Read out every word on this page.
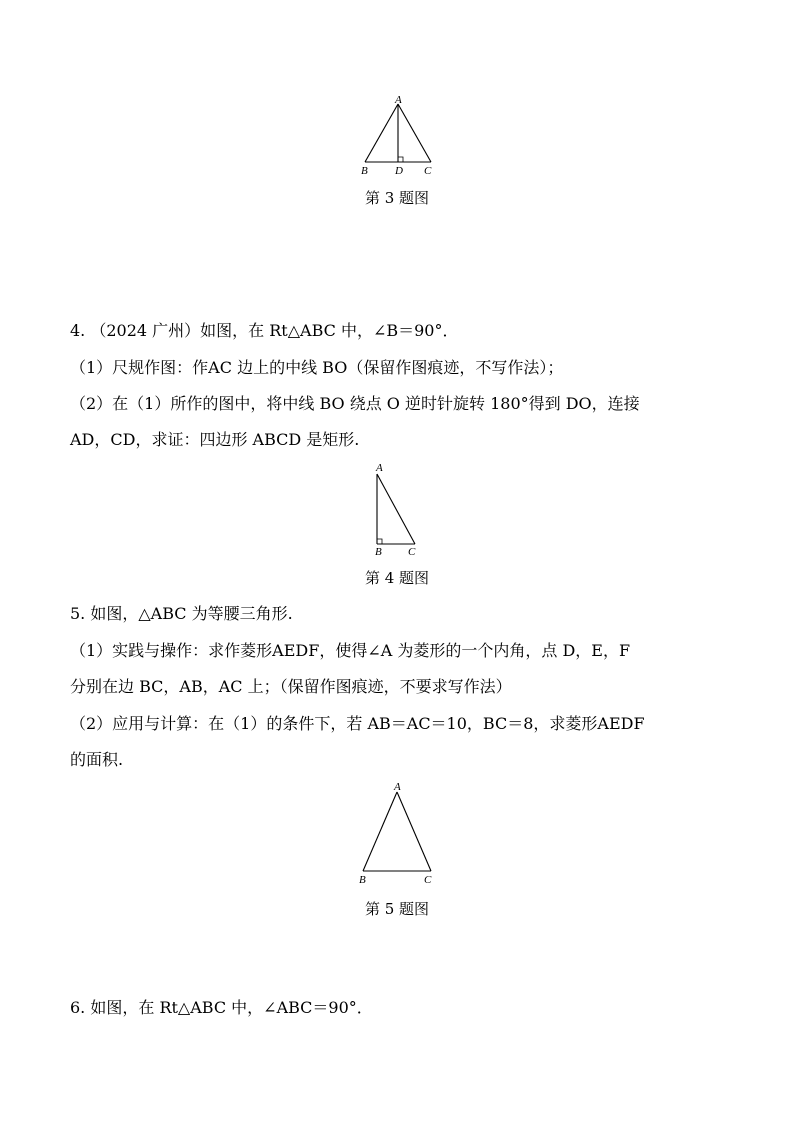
A
B D C
第 3 题图
4. （2024 广州）如图，在 Rt△ABC 中，∠B＝90°．
（1）尺规作图：作AC 边上的中线 BO（保留作图痕迹，不写作法）；
（2）在（1）所作的图中，将中线 BO 绕点 O 逆时针旋转 180°得到 DO，连接
AD，CD，求证：四边形 ABCD 是矩形.
A
B C
第 4 题图
5. 如图，△ABC 为等腰三角形.
（1）实践与操作：求作菱形AEDF，使得∠A 为菱形的一个内角，点 D，E，F
分别在边 BC，AB，AC 上；（保留作图痕迹，不要求写作法）
（2）应用与计算：在（1）的条件下，若 AB＝AC＝10，BC＝8，求菱形AEDF
的面积.
A
B	C
第 5 题图
6. 如图，在 Rt△ABC 中，∠ABC＝90°．
